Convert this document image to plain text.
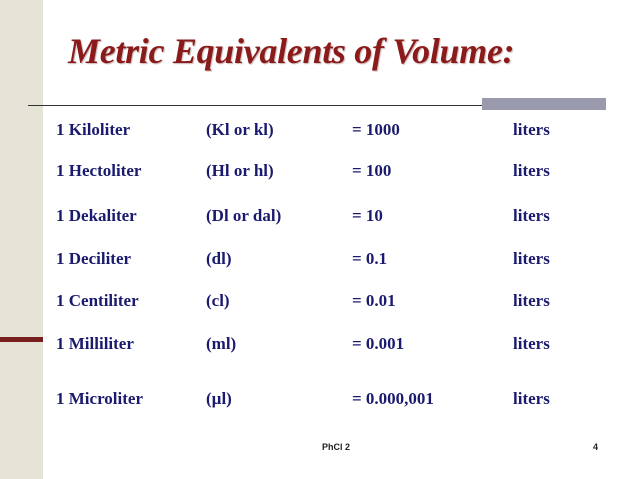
Metric Equivalents of Volume:
1 Kiloliter	(Kl or kl)	= 1000	liters
1 Hectoliter	(Hl or hl)	= 100	liters
1 Dekaliter	(Dl or dal)	= 10	liters
1 Deciliter	(dl)	= 0.1	liters
1 Centiliter	(cl)	= 0.01	liters
1 Milliliter	(ml)	= 0.001	liters
1 Microliter	(µl)	= 0.000,001	liters
PhCl 2	4
